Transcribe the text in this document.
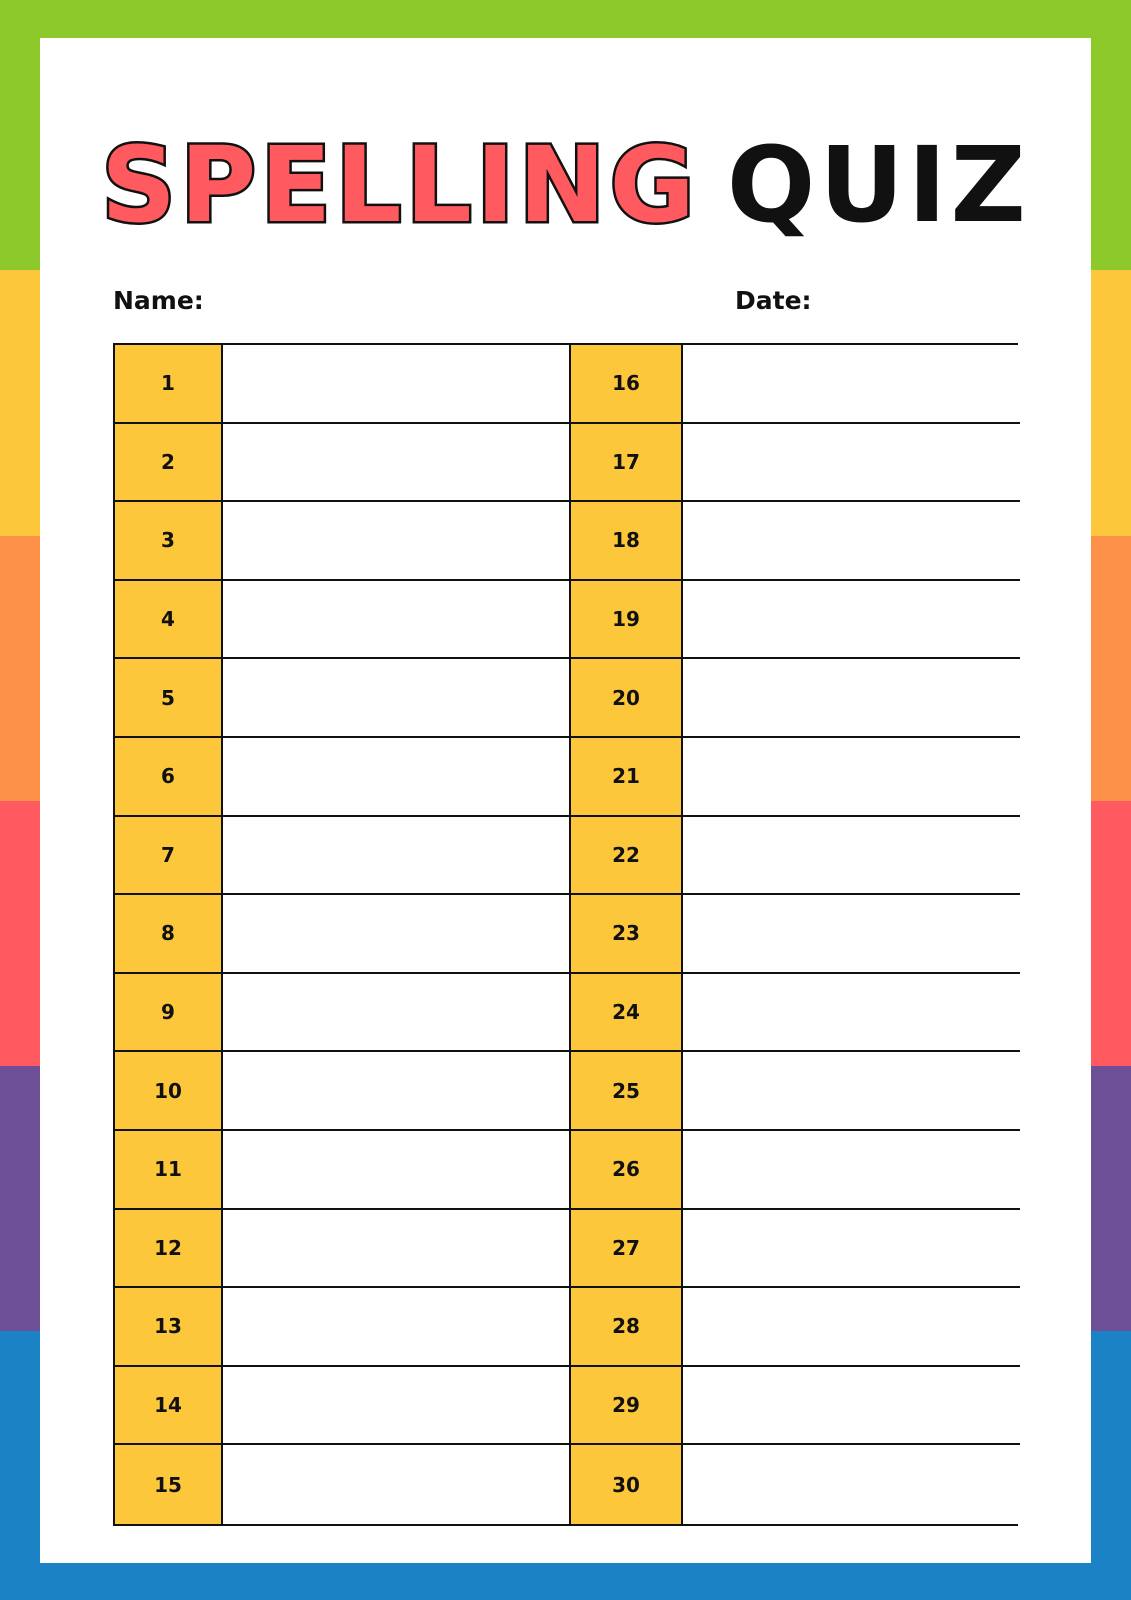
SPELLING QUIZ
Name:	Date:
1	16
2	17
3	18
4	19
5	20
6	21
7	22
8	23
9	24
10	25
11	26
12	27
13	28
14	29
15	30
